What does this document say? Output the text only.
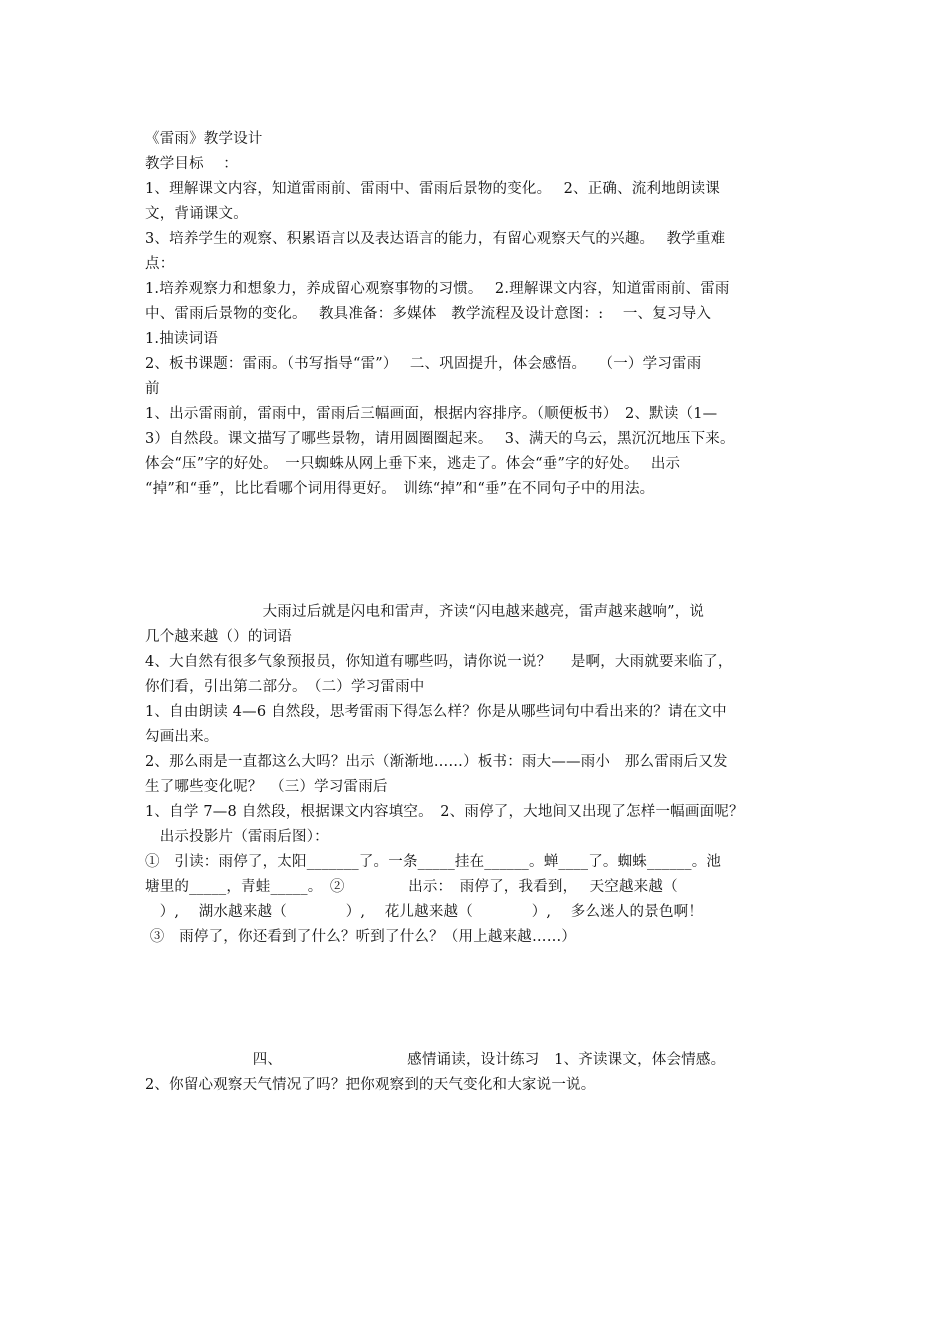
《雷雨》教学设计
教学目标　 ：
1、理解课文内容，知道雷雨前、雷雨中、雷雨后景物的变化。　 2、正确、流利地朗读课
文，背诵课文。
3、培养学生的观察、积累语言以及表达语言的能力，有留心观察天气的兴趣。　 教学重难
点：
1.培养观察力和想象力，养成留心观察事物的习惯。　 2.理解课文内容，知道雷雨前、雷雨
中、雷雨后景物的变化。　 教具准备：多媒体　教学流程及设计意图：:　 一、复习导入
1.抽读词语
2、板书课题：雷雨。（书写指导“雷”）　 二、巩固提升，体会感悟。　 （一）学习雷雨
前
1、出示雷雨前，雷雨中，雷雨后三幅画面，根据内容排序。（顺便板书）　2、默读（1—
3）自然段。课文描写了哪些景物，请用圆圈圈起来。　 3、满天的乌云，黑沉沉地压下来。
体会“压”字的好处。　一只蜘蛛从网上垂下来，逃走了。体会“垂”字的好处。　 出示
“掉”和“垂”，比比看哪个词用得更好。　训练“掉”和“垂”在不同句子中的用法。
　　　　　　　　大雨过后就是闪电和雷声，齐读“闪电越来越亮，雷声越来越响”，说
几个越来越（）的词语
4、大自然有很多气象预报员，你知道有哪些吗，请你说一说？　 是啊，大雨就要来临了，
你们看，引出第二部分。　（二）学习雷雨中
1、自由朗读 4—6 自然段，思考雷雨下得怎么样？你是从哪些词句中看出来的？请在文中
勾画出来。
2、那么雨是一直都这么大吗？出示（渐渐地……）板书：雨大——雨小　那么雷雨后又发
生了哪些变化呢？　（三）学习雷雨后
1、自学 7—8 自然段，根据课文内容填空。　2、雨停了，大地间又出现了怎样一幅画面呢？
　出示投影片（雷雨后图）：
①　引读：雨停了，太阳_______了。一条_____挂在______。蝉____了。蜘蛛______。池
塘里的_____，青蛙_____。　②　　　　 出示：　雨停了，我看到，　 天空越来越（
　）,　 湖水越来越（　　　　）,　 花儿越来越（　　　　）,　 多么迷人的景色啊！
③　雨停了，你还看到了什么？听到了什么？（用上越来越……）
　　　　　　　 四、　　　　　　　　　感情诵读，设计练习　1、齐读课文，体会情感。
2、你留心观察天气情况了吗？把你观察到的天气变化和大家说一说。
